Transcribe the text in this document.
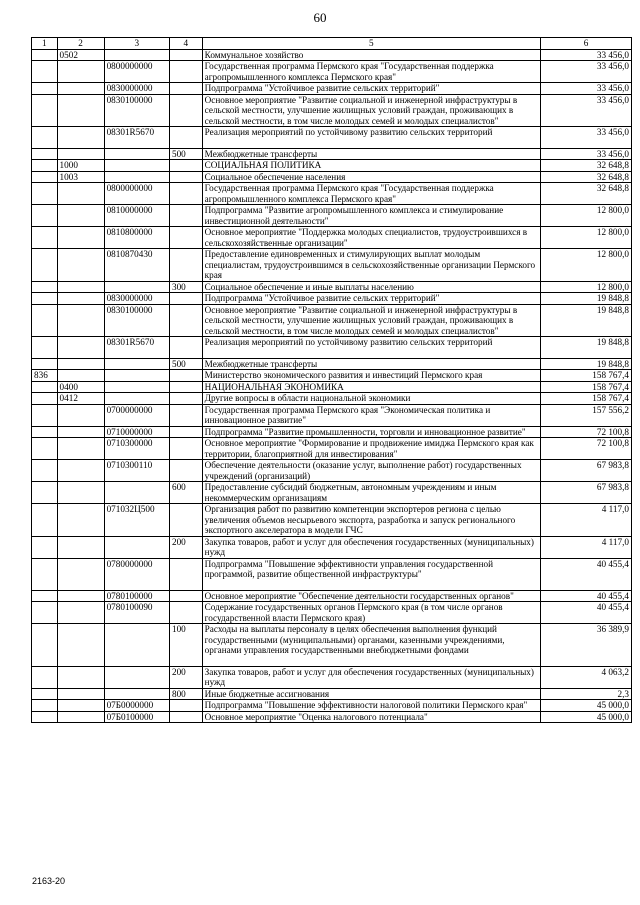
60
1	2	3	4	5	6
	0502			Коммунальное хозяйство	33 456,0
		0800000000		Государственная программа Пермского края "Государственная поддержка агропромышленного комплекса Пермского края"	33 456,0
		0830000000		Подпрограмма "Устойчивое развитие сельских территорий"	33 456,0
		0830100000		Основное мероприятие "Развитие социальной и инженерной инфраструктуры в сельской местности, улучшение жилищных условий граждан, проживающих в сельской местности, в том числе молодых семей и молодых специалистов"	33 456,0
		08301R5670		Реализация мероприятий по устойчивому развитию сельских территорий	33 456,0
			500	Межбюджетные трансферты	33 456,0
	1000			СОЦИАЛЬНАЯ ПОЛИТИКА	32 648,8
	1003			Социальное обеспечение населения	32 648,8
		0800000000		Государственная программа Пермского края "Государственная поддержка агропромышленного комплекса Пермского края"	32 648,8
		0810000000		Подпрограмма "Развитие агропромышленного комплекса и стимулирование инвестиционной деятельности"	12 800,0
		0810800000		Основное мероприятие "Поддержка молодых специалистов, трудоустроившихся в сельскохозяйственные организации"	12 800,0
		0810870430		Предоставление единовременных и стимулирующих выплат молодым специалистам, трудоустроившимся в сельскохозяйственные организации Пермского края	12 800,0
			300	Социальное обеспечение и иные выплаты населению	12 800,0
		0830000000		Подпрограмма "Устойчивое развитие сельских территорий"	19 848,8
		0830100000		Основное мероприятие "Развитие социальной и инженерной инфраструктуры в сельской местности, улучшение жилищных условий граждан, проживающих в сельской местности, в том числе молодых семей и молодых специалистов"	19 848,8
		08301R5670		Реализация мероприятий по устойчивому развитию сельских территорий	19 848,8
			500	Межбюджетные трансферты	19 848,8
836				Министерство экономического развития и инвестиций Пермского края	158 767,4
	0400			НАЦИОНАЛЬНАЯ ЭКОНОМИКА	158 767,4
	0412			Другие вопросы в области национальной экономики	158 767,4
		0700000000		Государственная программа Пермского края "Экономическая политика и инновационное развитие"	157 556,2
		0710000000		Подпрограмма "Развитие промышленности, торговли и инновационное развитие"	72 100,8
		0710300000		Основное мероприятие "Формирование и продвижение имиджа Пермского края как территории, благоприятной для инвестирования"	72 100,8
		0710300110		Обеспечение деятельности (оказание услуг, выполнение работ) государственных учреждений (организаций)	67 983,8
			600	Предоставление субсидий бюджетным, автономным учреждениям и иным некоммерческим организациям	67 983,8
		071032Ц500		Организация работ по развитию компетенции экспортеров региона с целью увеличения объемов несырьевого экспорта, разработка и запуск регионального экспортного акселератора в модели ГЧС	4 117,0
			200	Закупка товаров, работ и услуг для обеспечения государственных (муниципальных) нужд	4 117,0
		0780000000		Подпрограмма "Повышение эффективности управления государственной программой, развитие общественной инфраструктуры"	40 455,4
		0780100000		Основное мероприятие "Обеспечение деятельности государственных органов"	40 455,4
		0780100090		Содержание государственных органов Пермского края (в том числе органов государственной власти Пермского края)	40 455,4
			100	Расходы на выплаты персоналу в целях обеспечения выполнения функций государственными (муниципальными) органами, казенными учреждениями, органами управления государственными внебюджетными фондами	36 389,9
			200	Закупка товаров, работ и услуг для обеспечения государственных (муниципальных) нужд	4 063,2
			800	Иные бюджетные ассигнования	2,3
		07Б0000000		Подпрограмма "Повышение эффективности налоговой политики Пермского края"	45 000,0
		07Б0100000		Основное мероприятие "Оценка налогового потенциала"	45 000,0
2163-20
